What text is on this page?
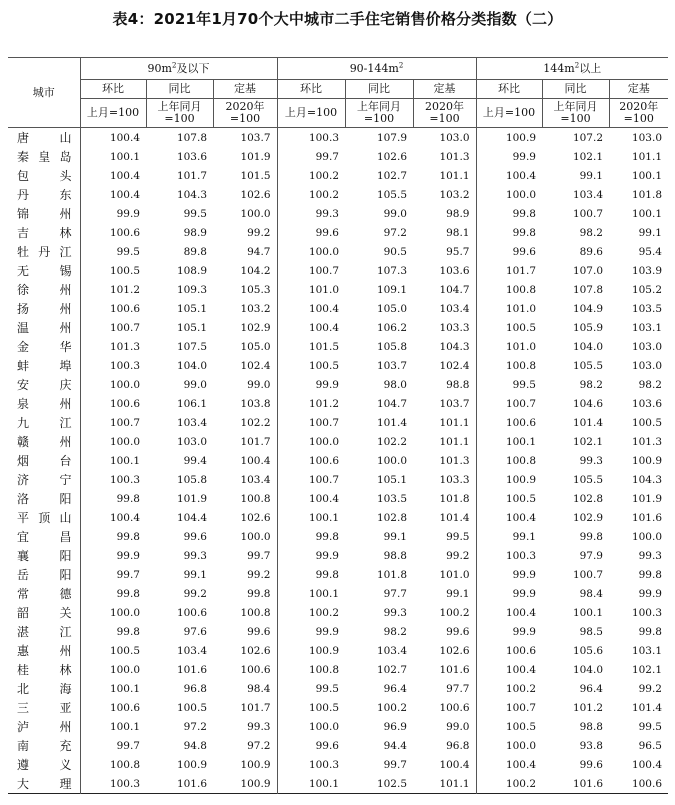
表4：2021年1月70个大中城市二手住宅销售价格分类指数（二）
城市	$90m^2$及以下			$90-144m^2$			$144m^2$以上		
	环比	同比	定基	环比	同比	定基	环比	同比	定基
	上月=100	上年同月=100	2020年=100	上月=100	上年同月=100	2020年=100	上月=100	上年同月=100	2020年=100
唐山	100.4	107.8	103.7	100.3	107.9	103.0	100.9	107.2	103.0
秦皇岛	100.1	103.6	101.9	99.7	102.6	101.3	99.9	102.1	101.1
包头	100.4	101.7	101.5	100.2	102.7	101.1	100.4	99.1	100.1
丹东	100.4	104.3	102.6	100.2	105.5	103.2	100.0	103.4	101.8
锦州	99.9	99.5	100.0	99.3	99.0	98.9	99.8	100.7	100.1
吉林	100.6	98.9	99.2	99.6	97.2	98.1	99.8	98.2	99.1
牡丹江	99.5	89.8	94.7	100.0	90.5	95.7	99.6	89.6	95.4
无锡	100.5	108.9	104.2	100.7	107.3	103.6	101.7	107.0	103.9
徐州	101.2	109.3	105.3	101.0	109.1	104.7	100.8	107.8	105.2
扬州	100.6	105.1	103.2	100.4	105.0	103.4	101.0	104.9	103.5
温州	100.7	105.1	102.9	100.4	106.2	103.3	100.5	105.9	103.1
金华	101.3	107.5	105.0	101.5	105.8	104.3	101.0	104.0	103.0
蚌埠	100.3	104.0	102.4	100.5	103.7	102.4	100.8	105.5	103.0
安庆	100.0	99.0	99.0	99.9	98.0	98.8	99.5	98.2	98.2
泉州	100.6	106.1	103.8	101.2	104.7	103.7	100.7	104.6	103.6
九江	100.7	103.4	102.2	100.7	101.4	101.1	100.6	101.4	100.5
赣州	100.0	103.0	101.7	100.0	102.2	101.1	100.1	102.1	101.3
烟台	100.1	99.4	100.4	100.6	100.0	101.3	100.8	99.3	100.9
济宁	100.3	105.8	103.4	100.7	105.1	103.3	100.9	105.5	104.3
洛阳	99.8	101.9	100.8	100.4	103.5	101.8	100.5	102.8	101.9
平顶山	100.4	104.4	102.6	100.1	102.8	101.4	100.4	102.9	101.6
宜昌	99.8	99.6	100.0	99.8	99.1	99.5	99.1	99.8	100.0
襄阳	99.9	99.3	99.7	99.9	98.8	99.2	100.3	97.9	99.3
岳阳	99.7	99.1	99.2	99.8	101.8	101.0	99.9	100.7	99.8
常德	99.8	99.2	99.8	100.1	97.7	99.1	99.9	98.4	99.9
韶关	100.0	100.6	100.8	100.2	99.3	100.2	100.4	100.1	100.3
湛江	99.8	97.6	99.6	99.9	98.2	99.6	99.9	98.5	99.8
惠州	100.5	103.4	102.6	100.9	103.4	102.6	100.6	105.6	103.1
桂林	100.0	101.6	100.6	100.8	102.7	101.6	100.4	104.0	102.1
北海	100.1	96.8	98.4	99.5	96.4	97.7	100.2	96.4	99.2
三亚	100.6	100.5	101.7	100.5	100.2	100.6	100.7	101.2	101.4
泸州	100.1	97.2	99.3	100.0	96.9	99.0	100.5	98.8	99.5
南充	99.7	94.8	97.2	99.6	94.4	96.8	100.0	93.8	96.5
遵义	100.8	100.9	100.9	100.3	99.7	100.4	100.4	99.6	100.4
大理	100.3	101.6	100.9	100.1	102.5	101.1	100.2	101.6	100.6
